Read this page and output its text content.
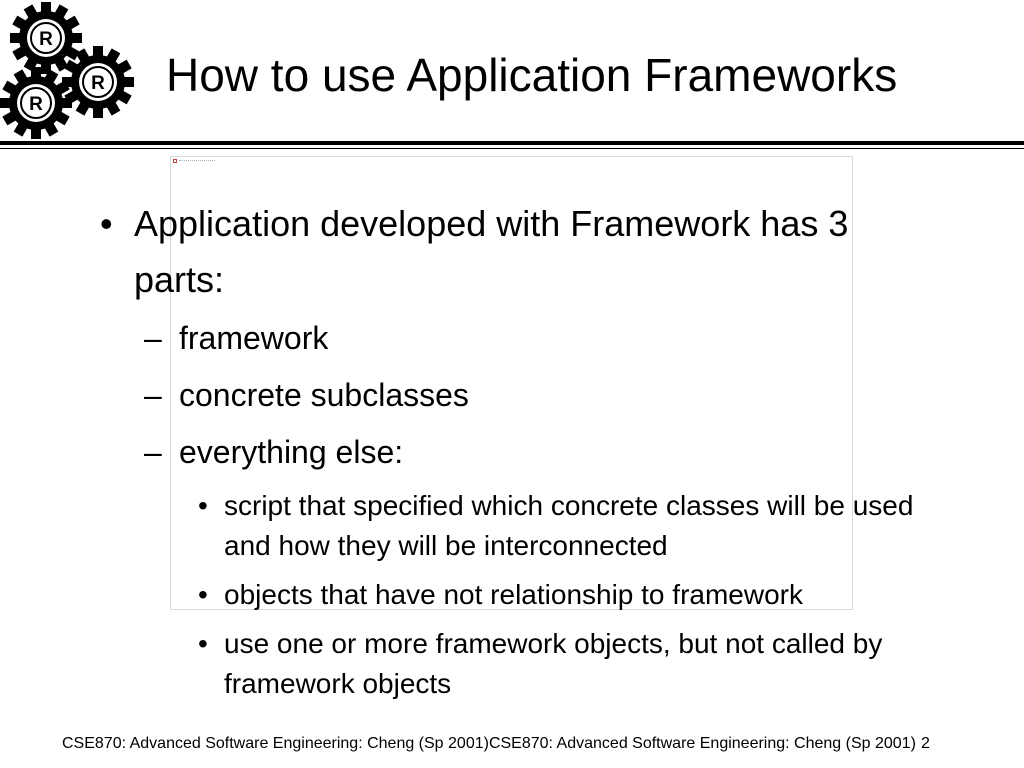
R
R
R
How to use Application Frameworks
• Application developed with Framework has 3 parts:
– framework
– concrete subclasses
– everything else:
• script that specified which concrete classes will be used and how they will be interconnected
• objects that have not relationship to framework
• use one or more framework objects, but not called by framework objects
CSE870: Advanced Software Engineering: Cheng (Sp 2001)CSE870: Advanced Software Engineering: Cheng (Sp 2001) 2
